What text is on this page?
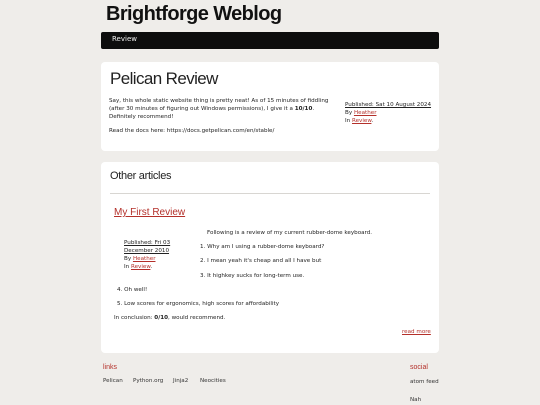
Brightforge Weblog
Review
Pelican Review

Say, this whole static website thing is pretty neat! As of 15 minutes of fiddling (after 30 minutes of figuring out Windows permissions), I give it a 10/10. Definitely recommend!

Read the docs here: https://docs.getpelican.com/en/stable/

Published: Sat 10 August 2024
By Heather
In Review.
Other articles
My First Review
Following is a review of my current rubber-dome keyboard.
Published: Fri 03 December 2010
By Heather
In Review.
1. Why am I using a rubber-dome keyboard?
2. I mean yeah it's cheap and all I have but
3. It highkey sucks for long-term use.
4. Oh well!
5. Low scores for ergonomics, high scores for affordability
In conclusion: 0/10, would recommend.
read more
links
Pelican Python.org Jinja2 Neocities
social
atom feed
Nah
